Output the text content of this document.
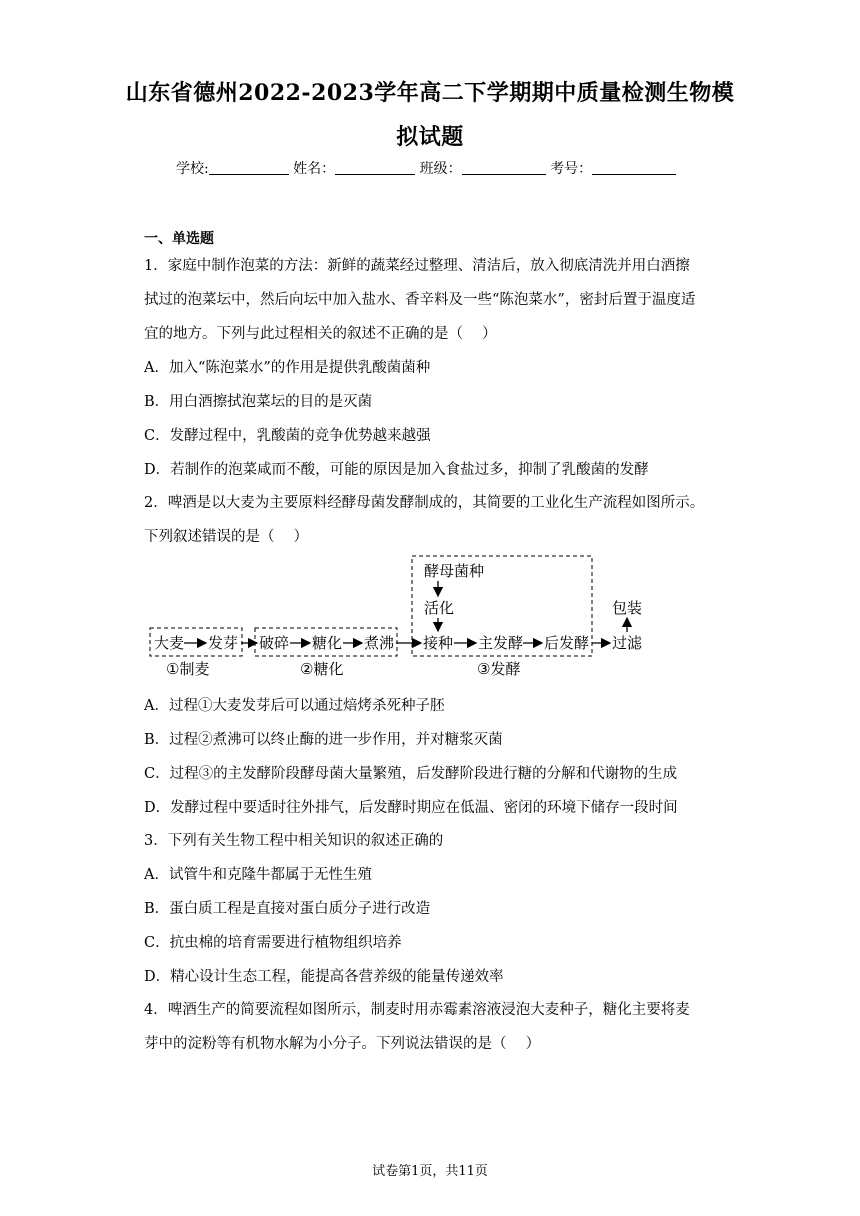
山东省德州2022-2023学年高二下学期期中质量检测生物模
拟试题
学校:	姓名：	班级：	考号：
一、单选题
1．家庭中制作泡菜的方法：新鲜的蔬菜经过整理、清洁后，放入彻底清洗并用白酒擦
拭过的泡菜坛中，然后向坛中加入盐水、香辛料及一些“陈泡菜水”，密封后置于温度适
宜的地方。下列与此过程相关的叙述不正确的是（　 ）
A．加入“陈泡菜水”的作用是提供乳酸菌菌种
B．用白酒擦拭泡菜坛的目的是灭菌
C．发酵过程中，乳酸菌的竞争优势越来越强
D．若制作的泡菜咸而不酸，可能的原因是加入食盐过多，抑制了乳酸菌的发酵
2．啤酒是以大麦为主要原料经酵母菌发酵制成的，其简要的工业化生产流程如图所示。
下列叙述错误的是（　 ）
大麦 发芽 破碎 糖化 煮沸
酵母菌种
活化
接种 主发酵 后发酵
包装
过滤
①制麦	②糖化	③发酵
A．过程①大麦发芽后可以通过焙烤杀死种子胚
B．过程②煮沸可以终止酶的进一步作用，并对糖浆灭菌
C．过程③的主发酵阶段酵母菌大量繁殖，后发酵阶段进行糖的分解和代谢物的生成
D．发酵过程中要适时往外排气，后发酵时期应在低温、密闭的环境下储存一段时间
3．下列有关生物工程中相关知识的叙述正确的
A．试管牛和克隆牛都属于无性生殖
B．蛋白质工程是直接对蛋白质分子进行改造
C．抗虫棉的培育需要进行植物组织培养
D．精心设计生态工程，能提高各营养级的能量传递效率
4．啤酒生产的简要流程如图所示，制麦时用赤霉素溶液浸泡大麦种子，糖化主要将麦
芽中的淀粉等有机物水解为小分子。下列说法错误的是（　 ）
试卷第1页，共11页
